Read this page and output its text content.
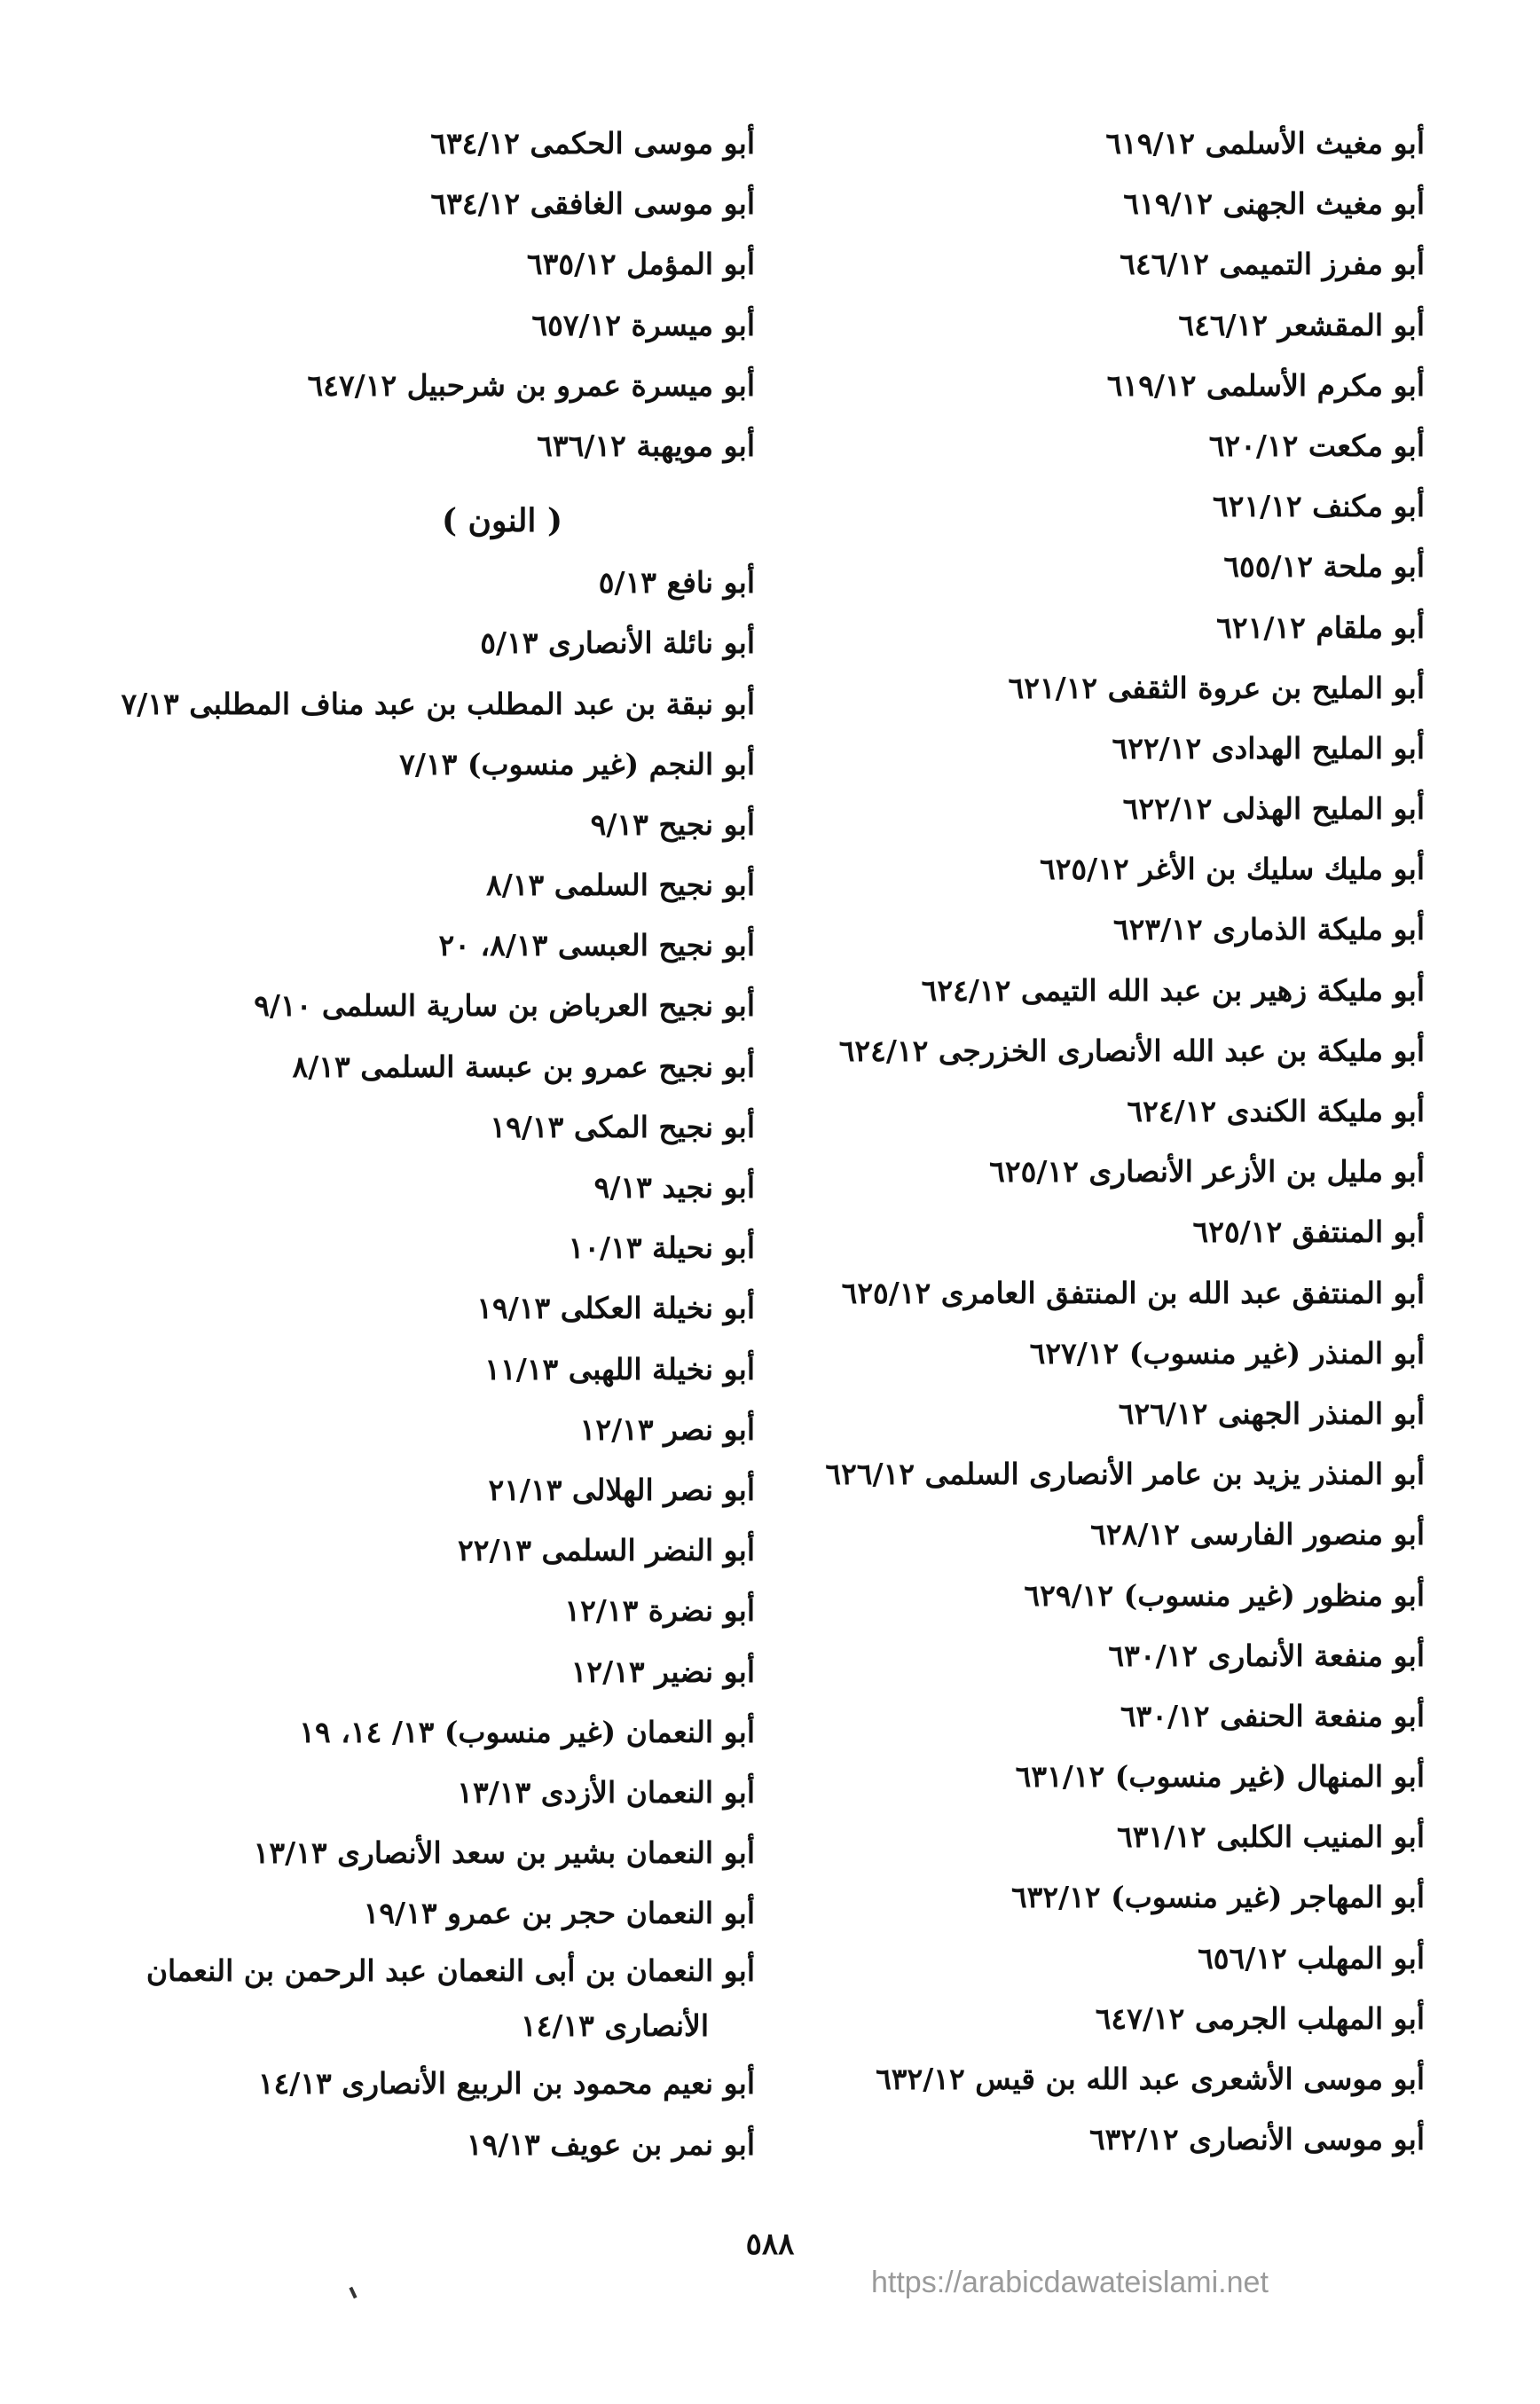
أبو مغيث الأسلمى ٦١٩/١٢
أبو مغيث الجهنى ٦١٩/١٢
أبو مفرز التميمى ٦٤٦/١٢
أبو المقشعر ٦٤٦/١٢
أبو مكرم الأسلمى ٦١٩/١٢
أبو مكعت ٦٢٠/١٢
أبو مكنف ٦٢١/١٢
أبو ملحة ٦٥٥/١٢
أبو ملقام ٦٢١/١٢
أبو المليح بن عروة الثقفى ٦٢١/١٢
أبو المليح الهدادى ٦٢٢/١٢
أبو المليح الهذلى ٦٢٢/١٢
أبو مليك سليك بن الأغر ٦٢٥/١٢
أبو مليكة الذمارى ٦٢٣/١٢
أبو مليكة زهير بن عبد الله التيمى ٦٢٤/١٢
أبو مليكة بن عبد الله الأنصارى الخزرجى ٦٢٤/١٢
أبو مليكة الكندى ٦٢٤/١٢
أبو مليل بن الأزعر الأنصارى ٦٢٥/١٢
أبو المنتفق ٦٢٥/١٢
أبو المنتفق عبد الله بن المنتفق العامرى ٦٢٥/١٢
أبو المنذر (غير منسوب) ٦٢٧/١٢
أبو المنذر الجهنى ٦٢٦/١٢
أبو المنذر يزيد بن عامر الأنصارى السلمى ٦٢٦/١٢
أبو منصور الفارسى ٦٢٨/١٢
أبو منظور (غير منسوب) ٦٢٩/١٢
أبو منفعة الأنمارى ٦٣٠/١٢
أبو منفعة الحنفى ٦٣٠/١٢
أبو المنهال (غير منسوب) ٦٣١/١٢
أبو المنيب الكلبى ٦٣١/١٢
أبو المهاجر (غير منسوب) ٦٣٢/١٢
أبو المهلب ٦٥٦/١٢
أبو المهلب الجرمى ٦٤٧/١٢
أبو موسى الأشعرى عبد الله بن قيس ٦٣٢/١٢
أبو موسى الأنصارى ٦٣٢/١٢
أبو موسى الحكمى ٦٣٤/١٢
أبو موسى الغافقى ٦٣٤/١٢
أبو المؤمل ٦٣٥/١٢
أبو ميسرة ٦٥٧/١٢
أبو ميسرة عمرو بن شرحبيل ٦٤٧/١٢
أبو مويهبة ٦٣٦/١٢
( النون )
أبو نافع ٥/١٣
أبو نائلة الأنصارى ٥/١٣
أبو نبقة بن عبد المطلب بن عبد مناف المطلبى ٧/١٣
أبو النجم (غير منسوب) ٧/١٣
أبو نجيح ٩/١٣
أبو نجيح السلمى ٨/١٣
أبو نجيح العبسى ٨/١٣، ٢٠
أبو نجيح العرباض بن سارية السلمى ٩/١٠
أبو نجيح عمرو بن عبسة السلمى ٨/١٣
أبو نجيح المكى ١٩/١٣
أبو نجيد ٩/١٣
أبو نحيلة ١٠/١٣
أبو نخيلة العكلى ١٩/١٣
أبو نخيلة اللهبى ١١/١٣
أبو نصر ١٢/١٣
أبو نصر الهلالى ٢١/١٣
أبو النضر السلمى ٢٢/١٣
أبو نضرة ١٢/١٣
أبو نضير ١٢/١٣
أبو النعمان (غير منسوب) ١٣/ ١٤، ١٩
أبو النعمان الأزدى ١٣/١٣
أبو النعمان بشير بن سعد الأنصارى ١٣/١٣
أبو النعمان حجر بن عمرو ١٩/١٣
أبو النعمان بن أبى النعمان عبد الرحمن بن النعمان
الأنصارى ١٤/١٣
أبو نعيم محمود بن الربيع الأنصارى ١٤/١٣
أبو نمر بن عويف ١٩/١٣
٥٨٨
https://arabicdawateislami.net
